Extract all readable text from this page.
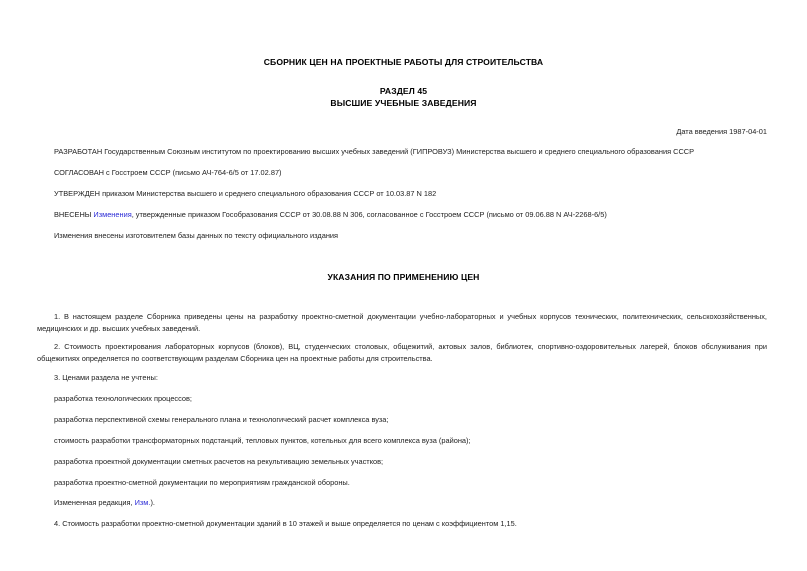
СБОРНИК ЦЕН НА ПРОЕКТНЫЕ РАБОТЫ ДЛЯ СТРОИТЕЛЬСТВА
РАЗДЕЛ 45
ВЫСШИЕ УЧЕБНЫЕ ЗАВЕДЕНИЯ
Дата введения 1987-04-01
РАЗРАБОТАН Государственным Союзным институтом по проектированию высших учебных заведений (ГИПРОВУЗ) Министерства высшего и среднего специального образования СССР
СОГЛАСОВАН с Госстроем СССР (письмо АЧ-764-6/5 от 17.02.87)
УТВЕРЖДЕН приказом Министерства высшего и среднего специального образования СССР от 10.03.87 N 182
ВНЕСЕНЫ Изменения, утвержденные приказом Гособразования СССР от 30.08.88 N 306, согласованное с Госстроем СССР (письмо от 09.06.88 N АЧ-2268-6/5)
Изменения внесены изготовителем базы данных по тексту официального издания
УКАЗАНИЯ ПО ПРИМЕНЕНИЮ ЦЕН
1. В настоящем разделе Сборника приведены цены на разработку проектно-сметной документации учебно-лабораторных и учебных корпусов технических, политехнических, сельскохозяйственных, медицинских и др. высших учебных заведений.
2. Стоимость проектирования лабораторных корпусов (блоков), ВЦ, студенческих столовых, общежитий, актовых залов, библиотек, спортивно-оздоровительных лагерей, блоков обслуживания при общежитиях определяется по соответствующим разделам Сборника цен на проектные работы для строительства.
3. Ценами раздела не учтены:
разработка технологических процессов;
разработка перспективной схемы генерального плана и технологический расчет комплекса вуза;
стоимость разработки трансформаторных подстанций, тепловых пунктов, котельных для всего комплекса вуза (района);
разработка проектной документации сметных расчетов на рекультивацию земельных участков;
разработка проектно-сметной документации по мероприятиям гражданской обороны.
Измененная редакция, Изм.).
4. Стоимость разработки проектно-сметной документации зданий в 10 этажей и выше определяется по ценам с коэффициентом 1,15.
